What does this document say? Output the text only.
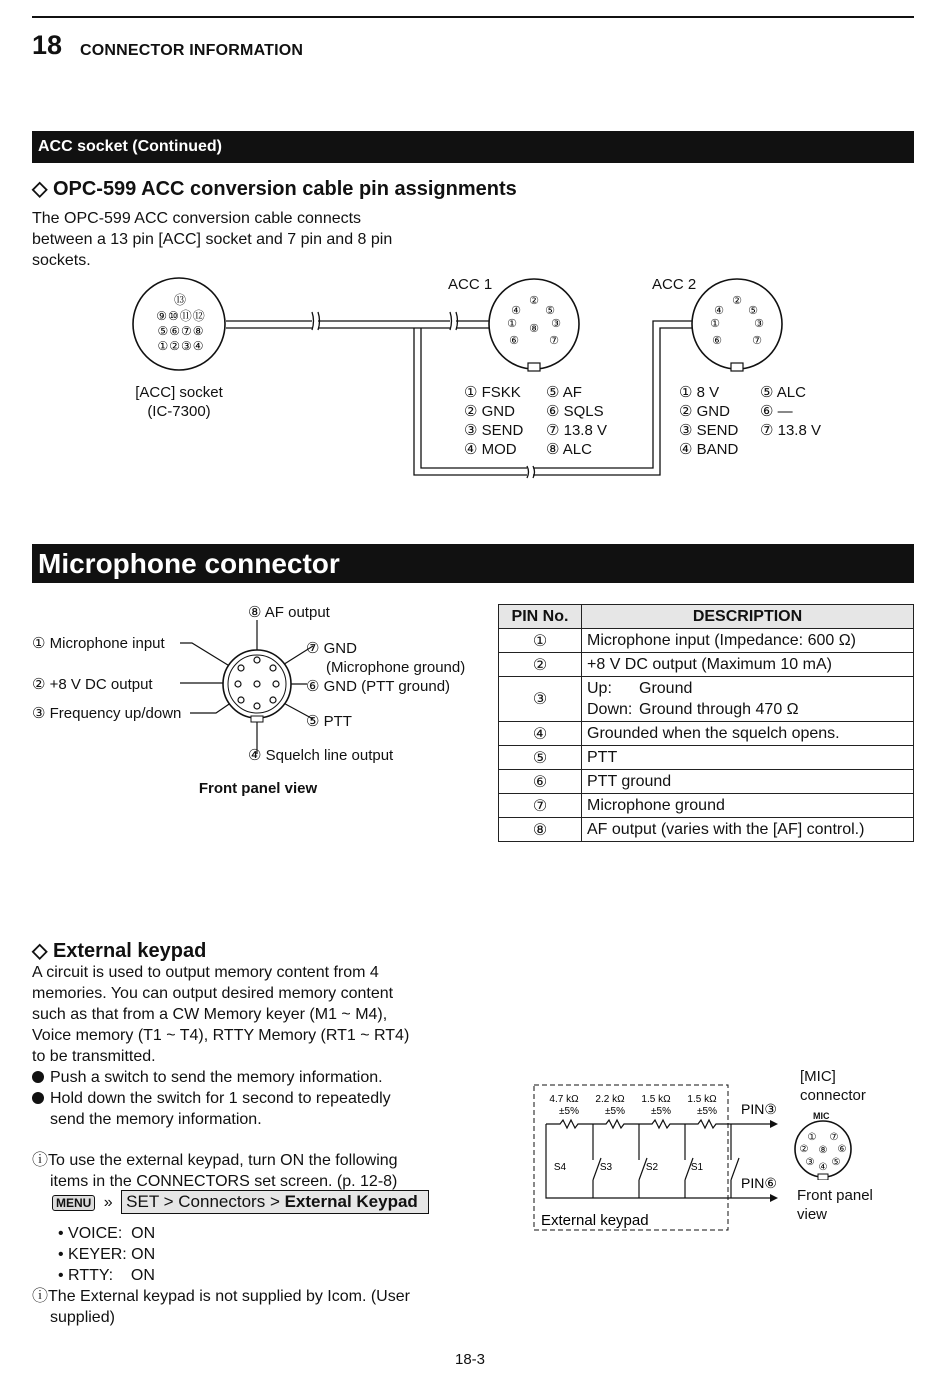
18 CONNECTOR INFORMATION
ACC socket (Continued)
◇ OPC-599 ACC conversion cable pin assignments
The OPC-599 ACC conversion cable connects
between a 13 pin [ACC] socket and 7 pin and 8 pin
sockets.
⑬
⑨⑩⑪⑫
⑤⑥⑦⑧
①②③④
①
②
③
④ ⑤
⑥	⑦
⑧	①
②
③
④ ⑤
⑥	⑦
ACC 1	ACC 2
[ACC] socket
(IC-7300)
① FSKK
② GND
③ SEND
④ MOD
⑤ AF
⑥ SQLS
⑦ 13.8 V
⑧ ALC
① 8 V
② GND
③ SEND
④ BAND
⑤ ALC
⑥ —
⑦ 13.8 V
Microphone connector
⑧ AF output
① Microphone input	⑦ GND
(Microphone ground)
② +8 V DC output	⑥ GND (PTT ground)
③ Frequency up/down	⑤ PTT
④ Squelch line output
Front panel view
PIN No.	DESCRIPTION
①	Microphone input (Impedance: 600 Ω)
②	+8 V DC output (Maximum 10 mA)
③	Up: Ground
Down: Ground through 470 Ω

④	Grounded when the squelch opens.
⑤	PTT
⑥	PTT ground
⑦	Microphone ground
⑧	AF output (varies with the [AF] control.)
◇ External keypad
A circuit is used to output memory content from 4
memories. You can output desired memory content
such as that from a CW Memory keyer (M1 ~ M4),
Voice memory (T1 ~ T4), RTTY Memory (RT1 ~ RT4)
to be transmitted.
Push a switch to send the memory information.
Hold down the switch for 1 second to repeatedly
send the memory information.
ⓘTo use the external keypad, turn ON the following
items in the CONNECTORS set screen. (p. 12-8)
MENU » SET > Connectors > External Keypad
• VOICE:  ON
• KEYER: ON
• RTTY:    ON
ⓘThe External keypad is not supplied by Icom. (User
supplied)
4.7 kΩ 2.2 kΩ 1.5 kΩ 1.5 kΩ
±5%	±5%	±5%	±5%
S4	S3	S2	S1
PIN③
PIN⑥
External keypad
[MIC]
connector
MIC
①
②
③ ④ ⑤
⑥
⑦
⑧
Front panel
view
18-3
